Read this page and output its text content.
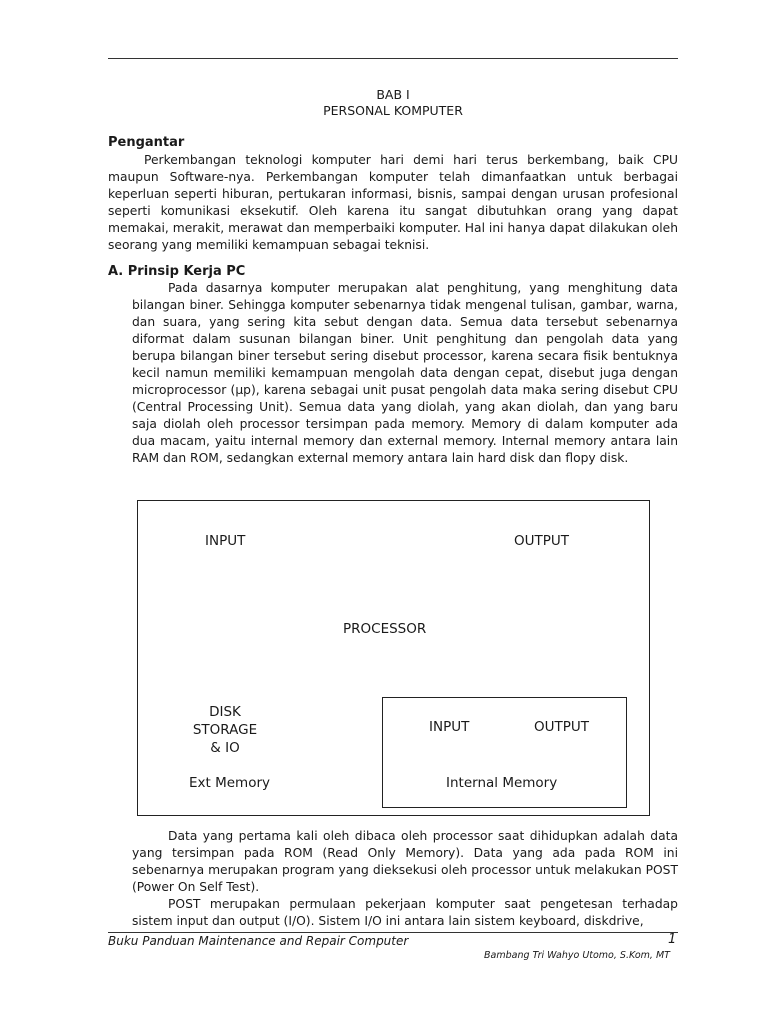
BAB I
PERSONAL KOMPUTER
Pengantar

Perkembangan teknologi komputer hari demi hari terus berkembang, baik CPU maupun Software-nya. Perkembangan komputer telah dimanfaatkan untuk berbagai keperluan seperti hiburan, pertukaran informasi, bisnis, sampai dengan urusan profesional seperti komunikasi eksekutif. Oleh karena itu sangat dibutuhkan orang yang dapat memakai, merakit, merawat dan memperbaiki komputer. Hal ini hanya dapat dilakukan oleh seorang yang memiliki kemampuan sebagai teknisi.

A. Prinsip Kerja PC

Pada dasarnya komputer merupakan alat penghitung, yang menghitung data bilangan biner. Sehingga komputer sebenarnya tidak mengenal tulisan, gambar, warna, dan suara, yang sering kita sebut dengan data. Semua data tersebut sebenarnya diformat dalam susunan bilangan biner. Unit penghitung dan pengolah data yang berupa bilangan biner tersebut sering disebut processor, karena secara fisik bentuknya kecil namun memiliki kemampuan mengolah data dengan cepat, disebut juga dengan microprocessor (µp), karena sebagai unit pusat pengolah data maka sering disebut CPU (Central Processing Unit). Semua data yang diolah, yang akan diolah, dan yang baru saja diolah oleh processor tersimpan pada memory. Memory di dalam komputer ada dua macam, yaitu internal memory dan external memory. Internal memory antara lain RAM dan ROM, sedangkan external memory antara lain hard disk dan flopy disk.

INPUT	OUTPUT
PROCESSOR
DISK
STORAGE
& IO
Ext Memory
INPUT	OUTPUT
Internal Memory

Data yang pertama kali oleh dibaca oleh processor saat dihidupkan adalah data yang tersimpan pada ROM (Read Only Memory). Data yang ada pada ROM ini sebenarnya merupakan program yang dieksekusi oleh processor untuk melakukan POST (Power On Self Test).

POST merupakan permulaan pekerjaan komputer saat pengetesan terhadap sistem input dan output (I/O). Sistem I/O ini antara lain sistem keyboard, diskdrive,

Buku Panduan Maintenance and Repair Computer	1
Bambang Tri Wahyo Utomo, S.Kom, MT
